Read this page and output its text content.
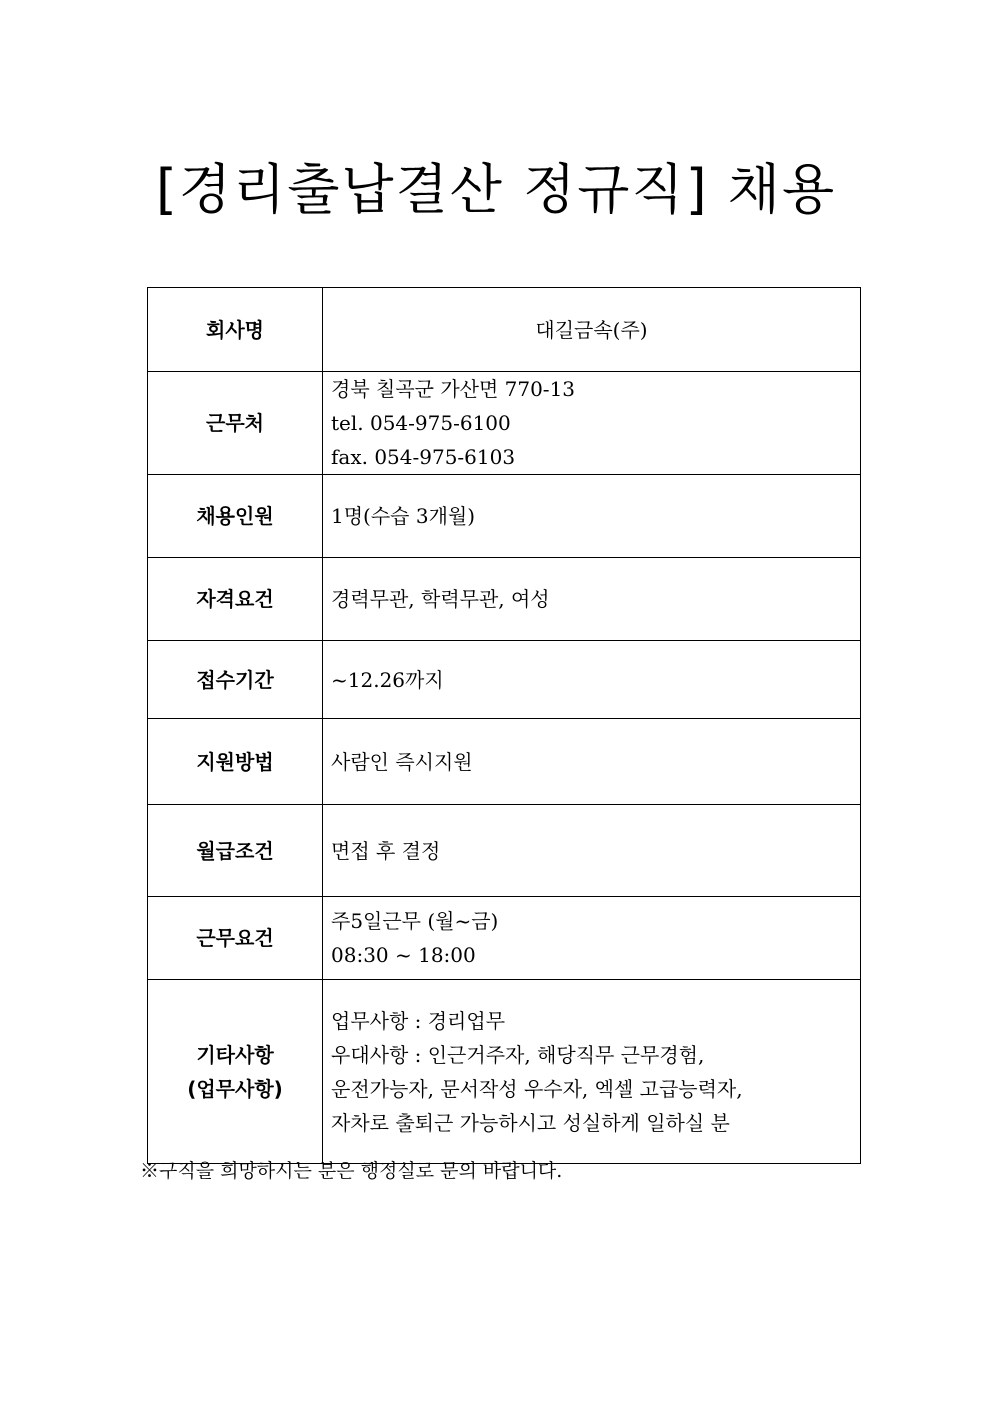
[경리출납결산 정규직] 채용
회사명	대길금속(주)

근무처	경북 칠곡군 가산면 770-13
tel. 054-975-6100
fax. 054-975-6103

채용인원	1명(수습 3개월)

자격요건	경력무관, 학력무관, 여성

접수기간	~12.26까지

지원방법	사람인 즉시지원

월급조건	면접 후 결정

근무요건	주5일근무 (월~금)
08:30 ~ 18:00

기타사항
(업무사항)	업무사항 : 경리업무
우대사항 : 인근거주자, 해당직무 근무경험,
운전가능자, 문서작성 우수자, 엑셀 고급능력자,
자차로 출퇴근 가능하시고 성실하게 일하실 분
※구직을 희망하시는 분은 행정실로 문의 바랍니다.
